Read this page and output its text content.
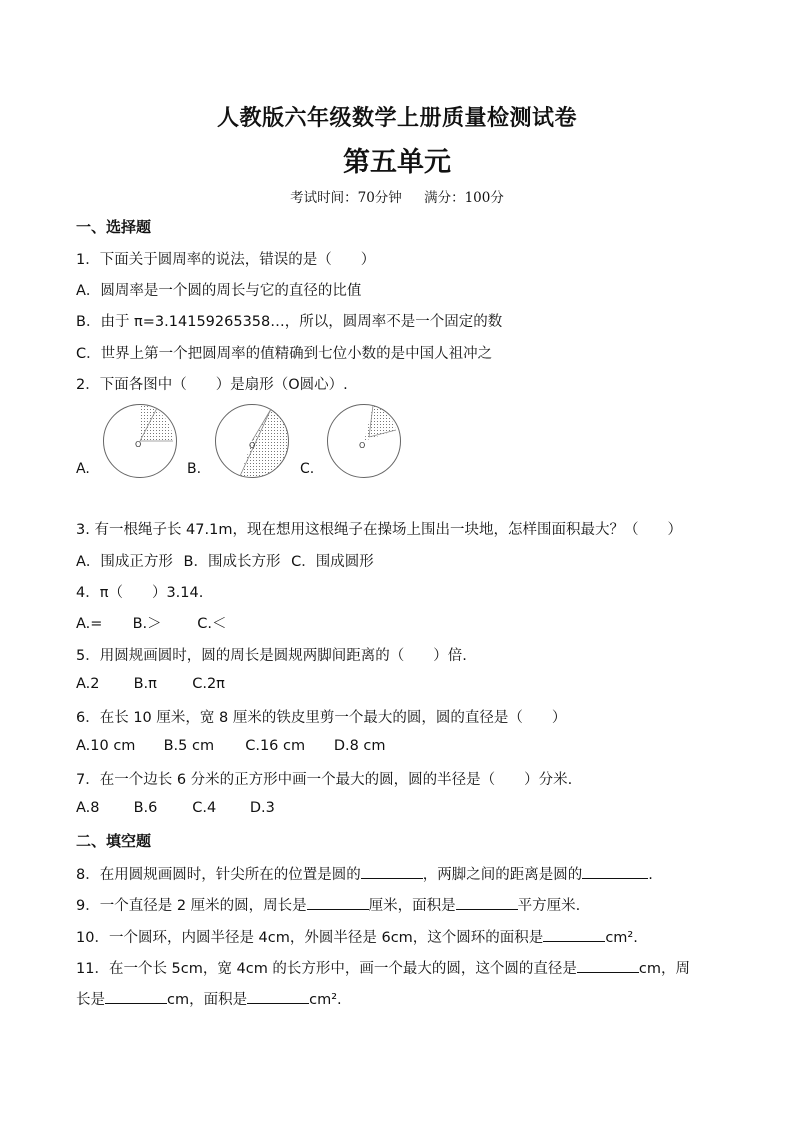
人教版六年级数学上册质量检测试卷
第五单元
考试时间：70分钟 满分：100分
一、选择题
1．下面关于圆周率的说法，错误的是（　　）
A．圆周率是一个圆的周长与它的直径的比值
B．由于 π=3.14159265358…，所以，圆周率不是一个固定的数
C．世界上第一个把圆周率的值精确到七位小数的是中国人祖冲之
2．下面各图中（　　）是扇形（O圆心）.
O
A.
O
B.
O
C.
3. 有一根绳子长 47.1m，现在想用这根绳子在操场上围出一块地，怎样围面积最大？（　　）
A．围成正方形 B．围成长方形 C．围成圆形
4．π（　　）3.14.
A.= B.＞ C.＜
5．用圆规画圆时，圆的周长是圆规两脚间距离的（　　）倍.
A.2 B.π C.2π
6．在长 10 厘米，宽 8 厘米的铁皮里剪一个最大的圆，圆的直径是（　　）
A.10 cm B.5 cm C.16 cm D.8 cm
7．在一个边长 6 分米的正方形中画一个最大的圆，圆的半径是（　　）分米.
A.8 B.6 C.4 D.3
二、填空题
8．在用圆规画圆时，针尖所在的位置是圆的	，两脚之间的距离是圆的	.
9．一个直径是 2 厘米的圆，周长是	厘米，面积是	平方厘米.
10．一个圆环，内圆半径是 4cm，外圆半径是 6cm，这个圆环的面积是	cm².
11．在一个长 5cm，宽 4cm 的长方形中，画一个最大的圆，这个圆的直径是	cm，周
长是	cm，面积是	cm².
